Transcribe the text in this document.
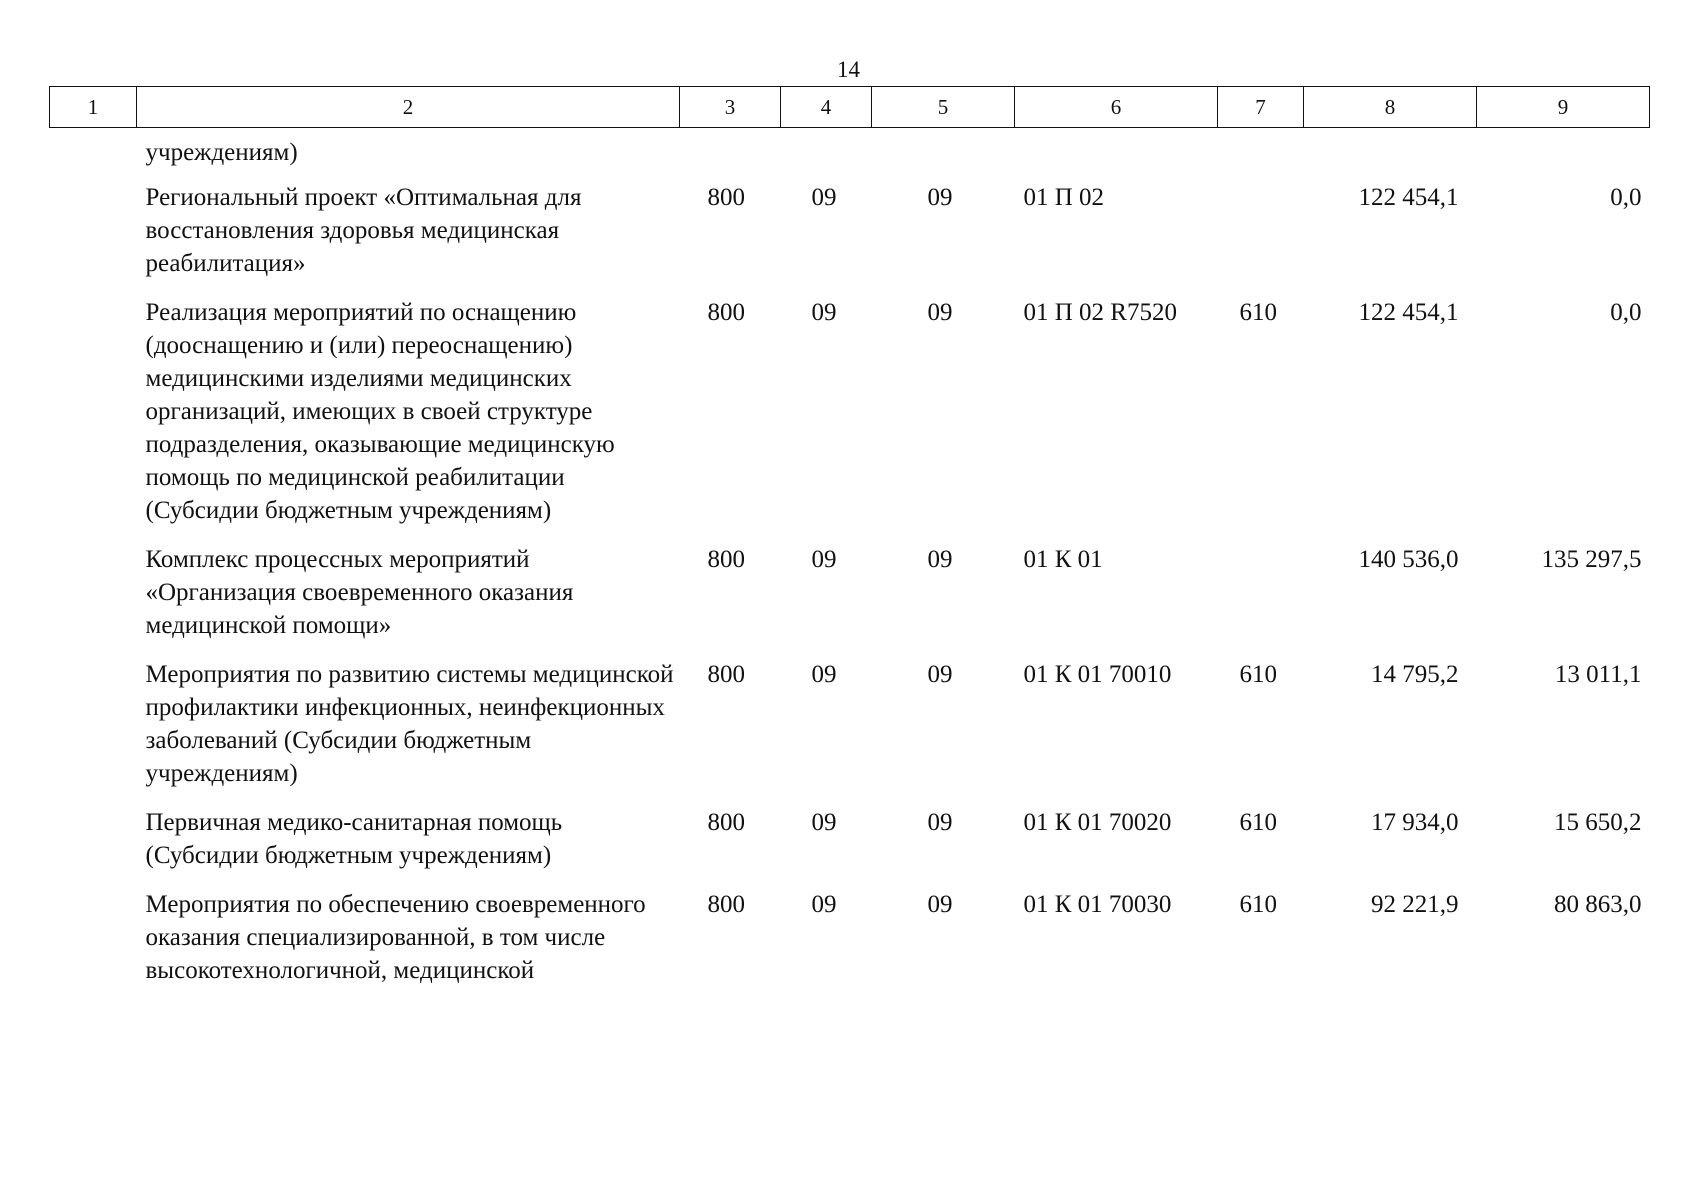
14
1	2	3	4	5	6	7	8	9
	учреждениям)							
	Региональный проект «Оптимальная для восстановления здоровья медицинская реабилитация»	800	09	09	01 П 02		122 454,1	0,0
	Реализация мероприятий по оснащению (дооснащению и (или) переоснащению) медицинскими изделиями медицинских организаций, имеющих в своей структуре подразделения, оказывающие медицинскую помощь по медицинской реабилитации (Субсидии бюджетным учреждениям)	800	09	09	01 П 02 R7520	610	122 454,1	0,0
	Комплекс процессных мероприятий «Организация своевременного оказания медицинской помощи»	800	09	09	01 К 01		140 536,0	135 297,5
	Мероприятия по развитию системы медицинской профилактики инфекционных, неинфекционных заболеваний (Субсидии бюджетным учреждениям)	800	09	09	01 К 01 70010	610	14 795,2	13 011,1
	Первичная медико-санитарная помощь (Субсидии бюджетным учреждениям)	800	09	09	01 К 01 70020	610	17 934,0	15 650,2
	Мероприятия по обеспечению своевременного оказания специализированной, в том числе высокотехнологичной, медицинской	800	09	09	01 К 01 70030	610	92 221,9	80 863,0
